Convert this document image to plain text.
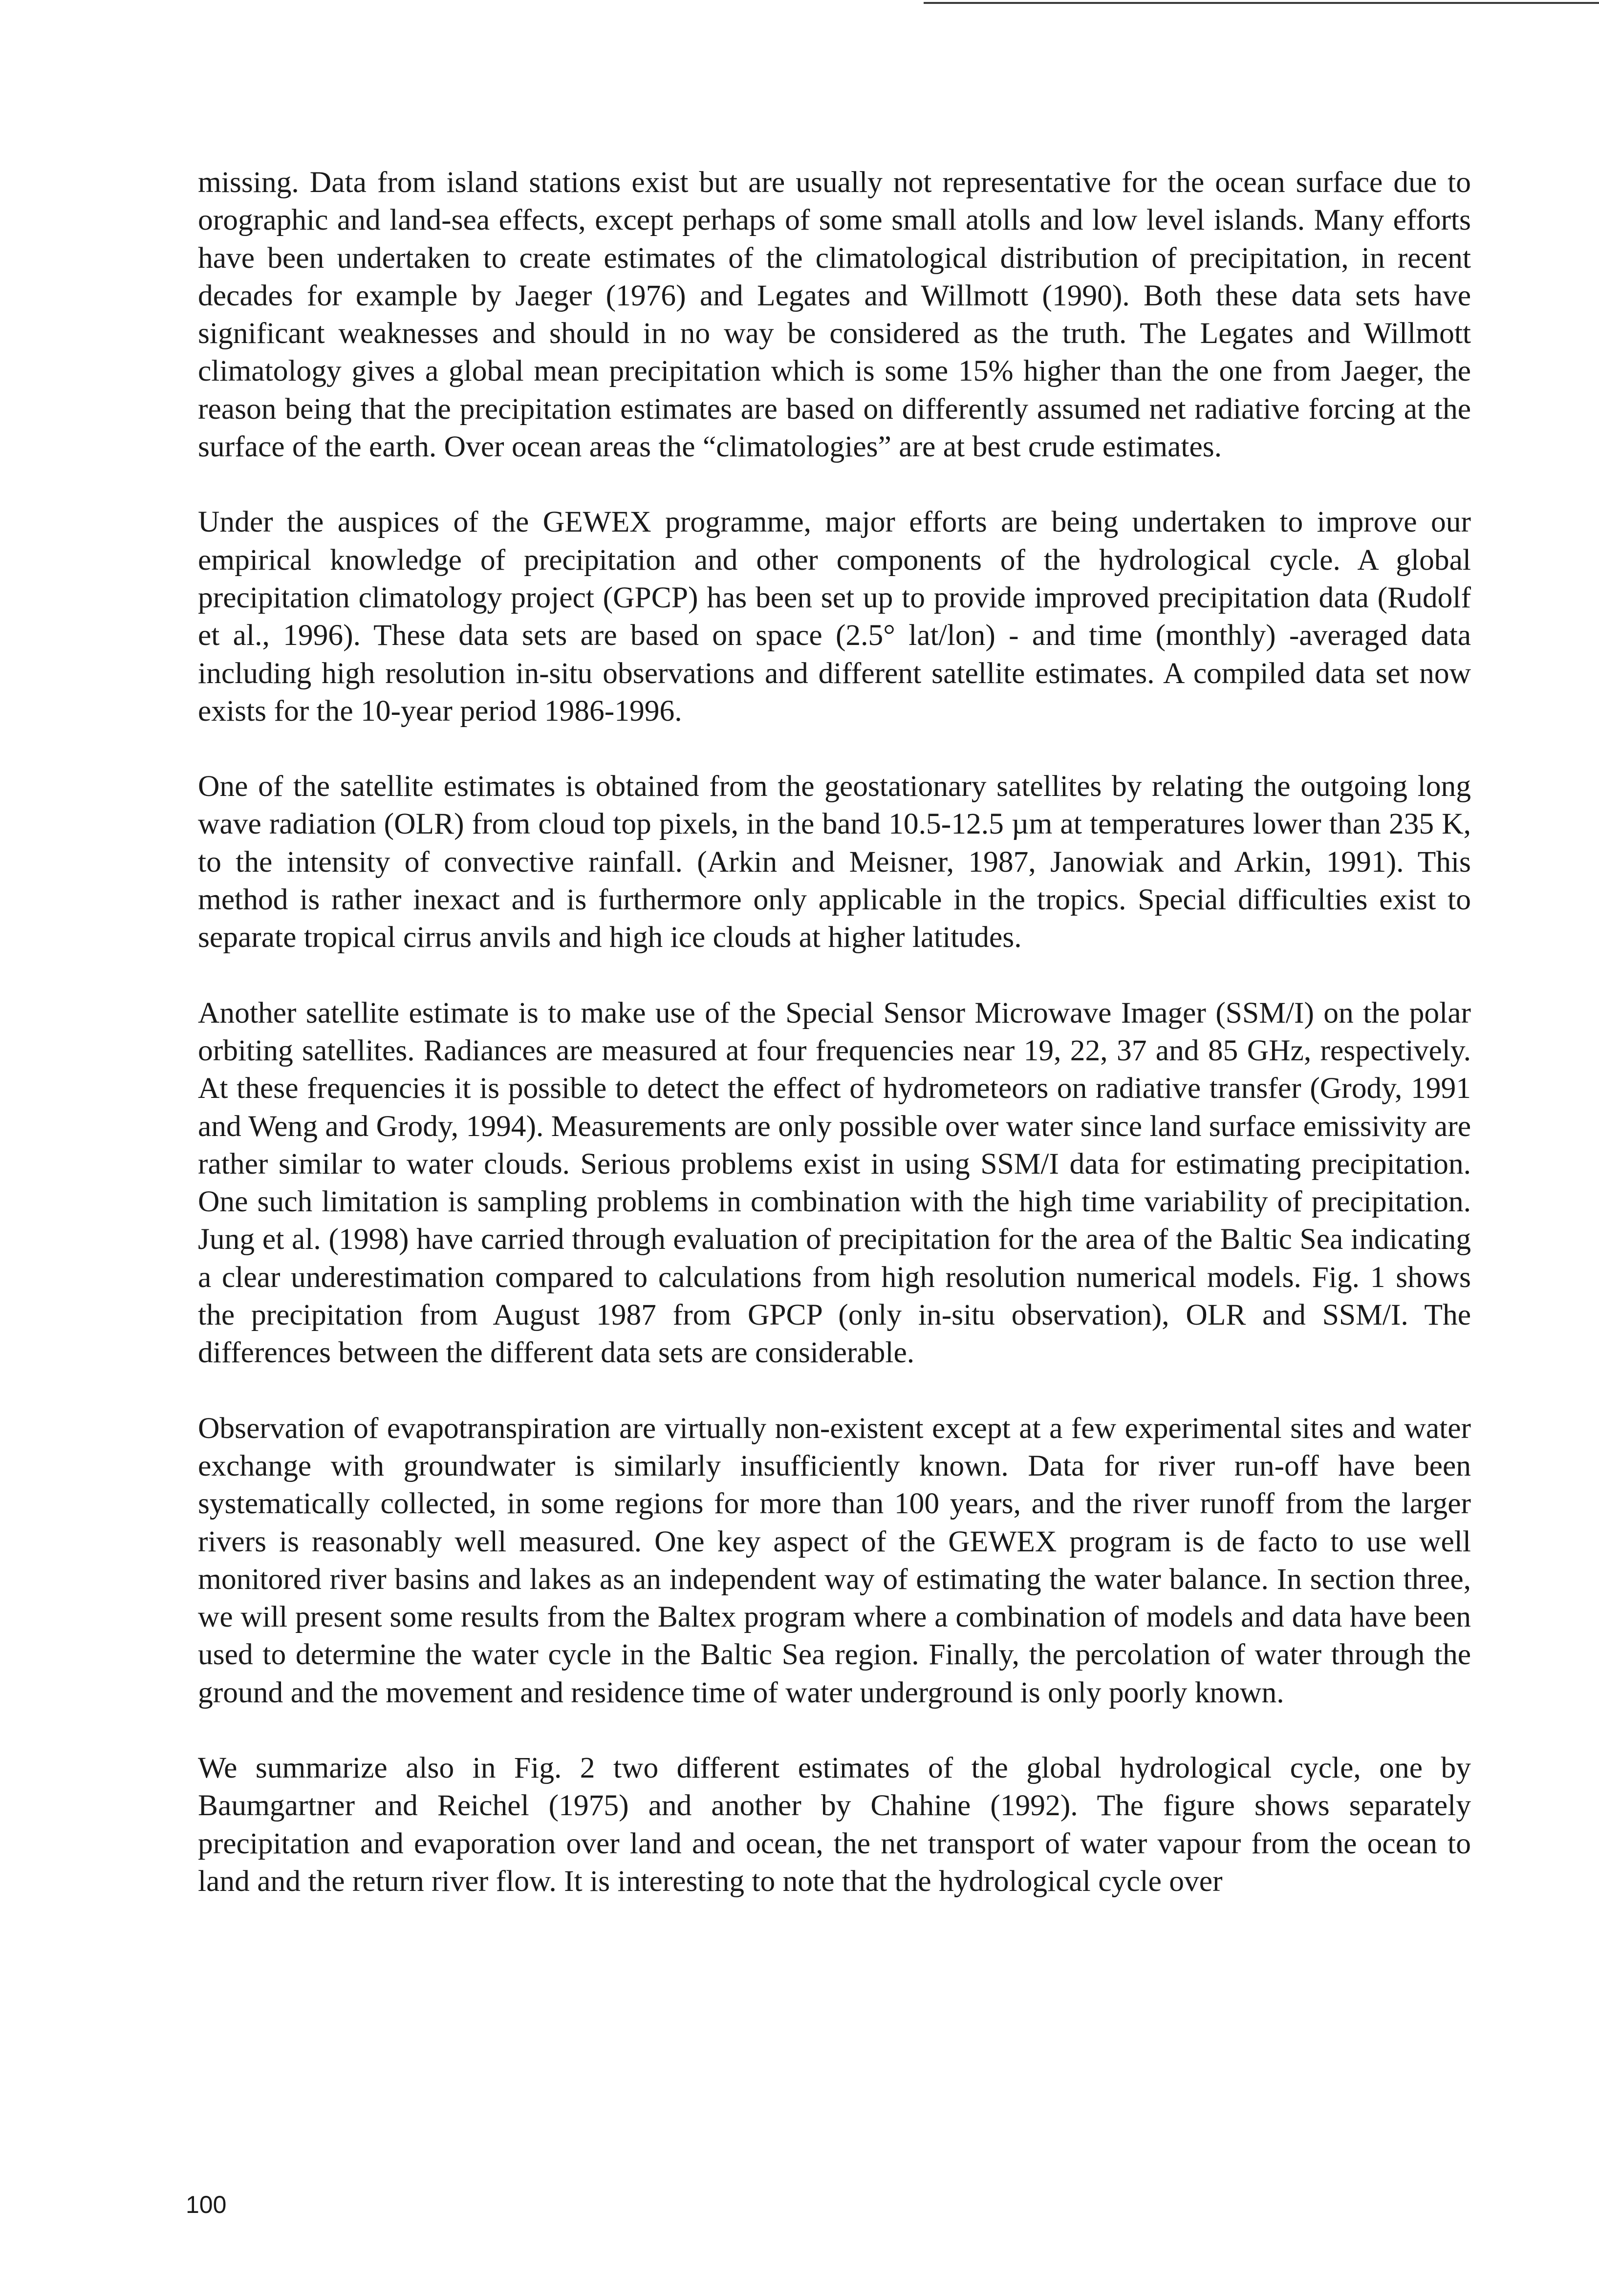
missing. Data from island stations exist but are usually not representative for the ocean surface due to orographic and land-sea effects, except perhaps of some small atolls and low level islands. Many efforts have been undertaken to create estimates of the climatological distribution of precipitation, in recent decades for example by Jaeger (1976) and Legates and Willmott (1990). Both these data sets have significant weaknesses and should in no way be considered as the truth. The Legates and Willmott climatology gives a global mean precipitation which is some 15% higher than the one from Jaeger, the reason being that the precipitation estimates are based on differently assumed net radiative forcing at the surface of the earth. Over ocean areas the “climatologies” are at best crude estimates.

Under the auspices of the GEWEX programme, major efforts are being undertaken to improve our empirical knowledge of precipitation and other components of the hydrological cycle. A global precipitation climatology project (GPCP) has been set up to provide improved precipitation data (Rudolf et al., 1996). These data sets are based on space (2.5° lat/lon) - and time (monthly) -averaged data including high resolution in-situ observations and different satellite estimates. A compiled data set now exists for the 10-year period 1986-1996.

One of the satellite estimates is obtained from the geostationary satellites by relating the outgoing long wave radiation (OLR) from cloud top pixels, in the band 10.5-12.5 µm at temperatures lower than 235 K, to the intensity of convective rainfall. (Arkin and Meisner, 1987, Janowiak and Arkin, 1991). This method is rather inexact and is furthermore only applicable in the tropics. Special difficulties exist to separate tropical cirrus anvils and high ice clouds at higher latitudes.

Another satellite estimate is to make use of the Special Sensor Microwave Imager (SSM/I) on the polar orbiting satellites. Radiances are measured at four frequencies near 19, 22, 37 and 85 GHz, respectively. At these frequencies it is possible to detect the effect of hydrometeors on radiative transfer (Grody, 1991 and Weng and Grody, 1994). Measurements are only possible over water since land surface emissivity are rather similar to water clouds. Serious problems exist in using SSM/I data for estimating precipitation. One such limitation is sampling problems in combination with the high time variability of precipitation. Jung et al. (1998) have carried through evaluation of precipitation for the area of the Baltic Sea indicating a clear underestimation compared to calculations from high resolution numerical models. Fig. 1 shows the precipitation from August 1987 from GPCP (only in-situ observation), OLR and SSM/I. The differences between the different data sets are considerable.

Observation of evapotranspiration are virtually non-existent except at a few experimental sites and water exchange with groundwater is similarly insufficiently known. Data for river run-off have been systematically collected, in some regions for more than 100 years, and the river runoff from the larger rivers is reasonably well measured. One key aspect of the GEWEX program is de facto to use well monitored river basins and lakes as an independent way of estimating the water balance. In section three, we will present some results from the Baltex program where a combination of models and data have been used to determine the water cycle in the Baltic Sea region. Finally, the percolation of water through the ground and the movement and residence time of water underground is only poorly known.

We summarize also in Fig. 2 two different estimates of the global hydrological cycle, one by Baumgartner and Reichel (1975) and another by Chahine (1992). The figure shows separately precipitation and evaporation over land and ocean, the net transport of water vapour from the ocean to land and the return river flow. It is interesting to note that the hydrological cycle over

100
